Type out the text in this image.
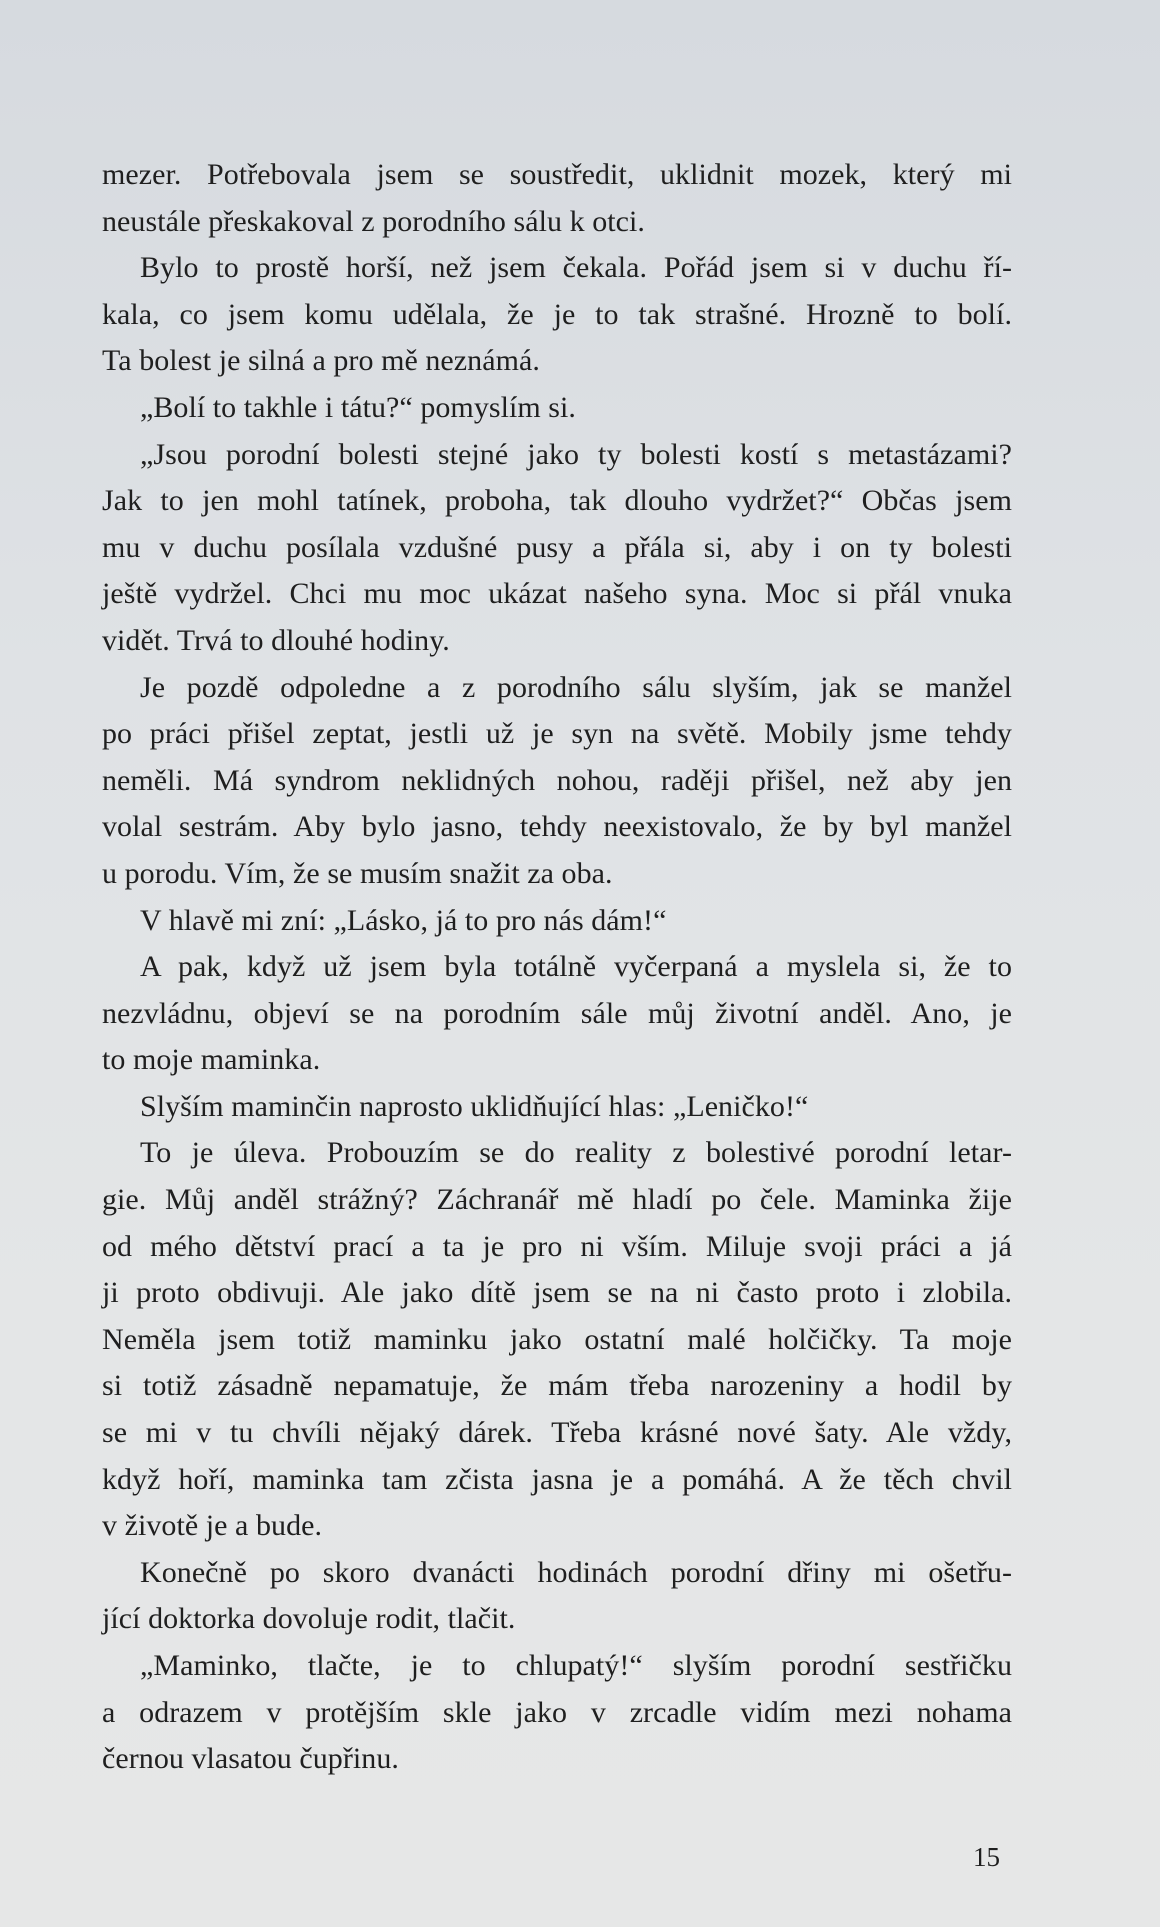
mezer. Potřebovala jsem se soustředit, uklidnit mozek, který mi
neustále přeskakoval z porodního sálu k otci.
Bylo to prostě horší, než jsem čekala. Pořád jsem si v duchu ří-
kala, co jsem komu udělala, že je to tak strašné. Hrozně to bolí.
Ta bolest je silná a pro mě neznámá.
„Bolí to takhle i tátu?“ pomyslím si.
„Jsou porodní bolesti stejné jako ty bolesti kostí s metastázami?
Jak to jen mohl tatínek, proboha, tak dlouho vydržet?“ Občas jsem
mu v duchu posílala vzdušné pusy a přála si, aby i on ty bolesti
ještě vydržel. Chci mu moc ukázat našeho syna. Moc si přál vnuka
vidět. Trvá to dlouhé hodiny.
Je pozdě odpoledne a z porodního sálu slyším, jak se manžel
po práci přišel zeptat, jestli už je syn na světě. Mobily jsme tehdy
neměli. Má syndrom neklidných nohou, raději přišel, než aby jen
volal sestrám. Aby bylo jasno, tehdy neexistovalo, že by byl manžel
u porodu. Vím, že se musím snažit za oba.
V hlavě mi zní: „Lásko, já to pro nás dám!“
A pak, když už jsem byla totálně vyčerpaná a myslela si, že to
nezvládnu, objeví se na porodním sále můj životní anděl. Ano, je
to moje maminka.
Slyším maminčin naprosto uklidňující hlas: „Leničko!“
To je úleva. Probouzím se do reality z bolestivé porodní letar-
gie. Můj anděl strážný? Záchranář mě hladí po čele. Maminka žije
od mého dětství prací a ta je pro ni vším. Miluje svoji práci a já
ji proto obdivuji. Ale jako dítě jsem se na ni často proto i zlobila.
Neměla jsem totiž maminku jako ostatní malé holčičky. Ta moje
si totiž zásadně nepamatuje, že mám třeba narozeniny a hodil by
se mi v tu chvíli nějaký dárek. Třeba krásné nové šaty. Ale vždy,
když hoří, maminka tam zčista jasna je a pomáhá. A že těch chvil
v životě je a bude.
Konečně po skoro dvanácti hodinách porodní dřiny mi ošetřu-
jící doktorka dovoluje rodit, tlačit.
„Maminko, tlačte, je to chlupatý!“ slyším porodní sestřičku
a odrazem v protějším skle jako v zrcadle vidím mezi nohama
černou vlasatou čupřinu.
15
